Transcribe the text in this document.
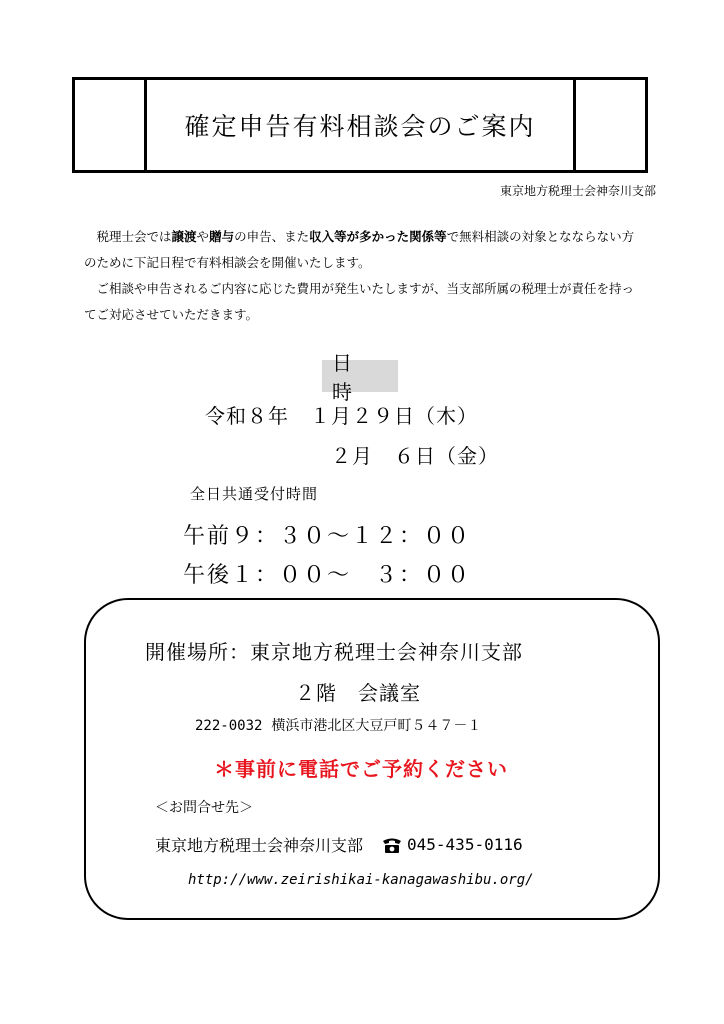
確定申告有料相談会のご案内
東京地方税理士会神奈川支部

　税理士会では譲渡や贈与の申告、また収入等が多かった関係等で無料相談の対象となならない方のために下記日程で有料相談会を開催いたします。

　ご相談や申告されるご内容に応じた費用が発生いたしますが、当支部所属の税理士が責任を持ってご対応させていただきます。

日 時
令和８年　１月２９日（木）
２月　６日（金）
全日共通受付時間
午前９：３０～１２：００
午後１：００～　３：００
開催場所：東京地方税理士会神奈川支部
２階　会議室
222-0032 横浜市港北区大豆戸町５４７－１
＊事前に電話でご予約ください
＜お問合せ先＞
東京地方税理士会神奈川支部	045-435-0116
http://www.zeirishikai-kanagawashibu.org/
